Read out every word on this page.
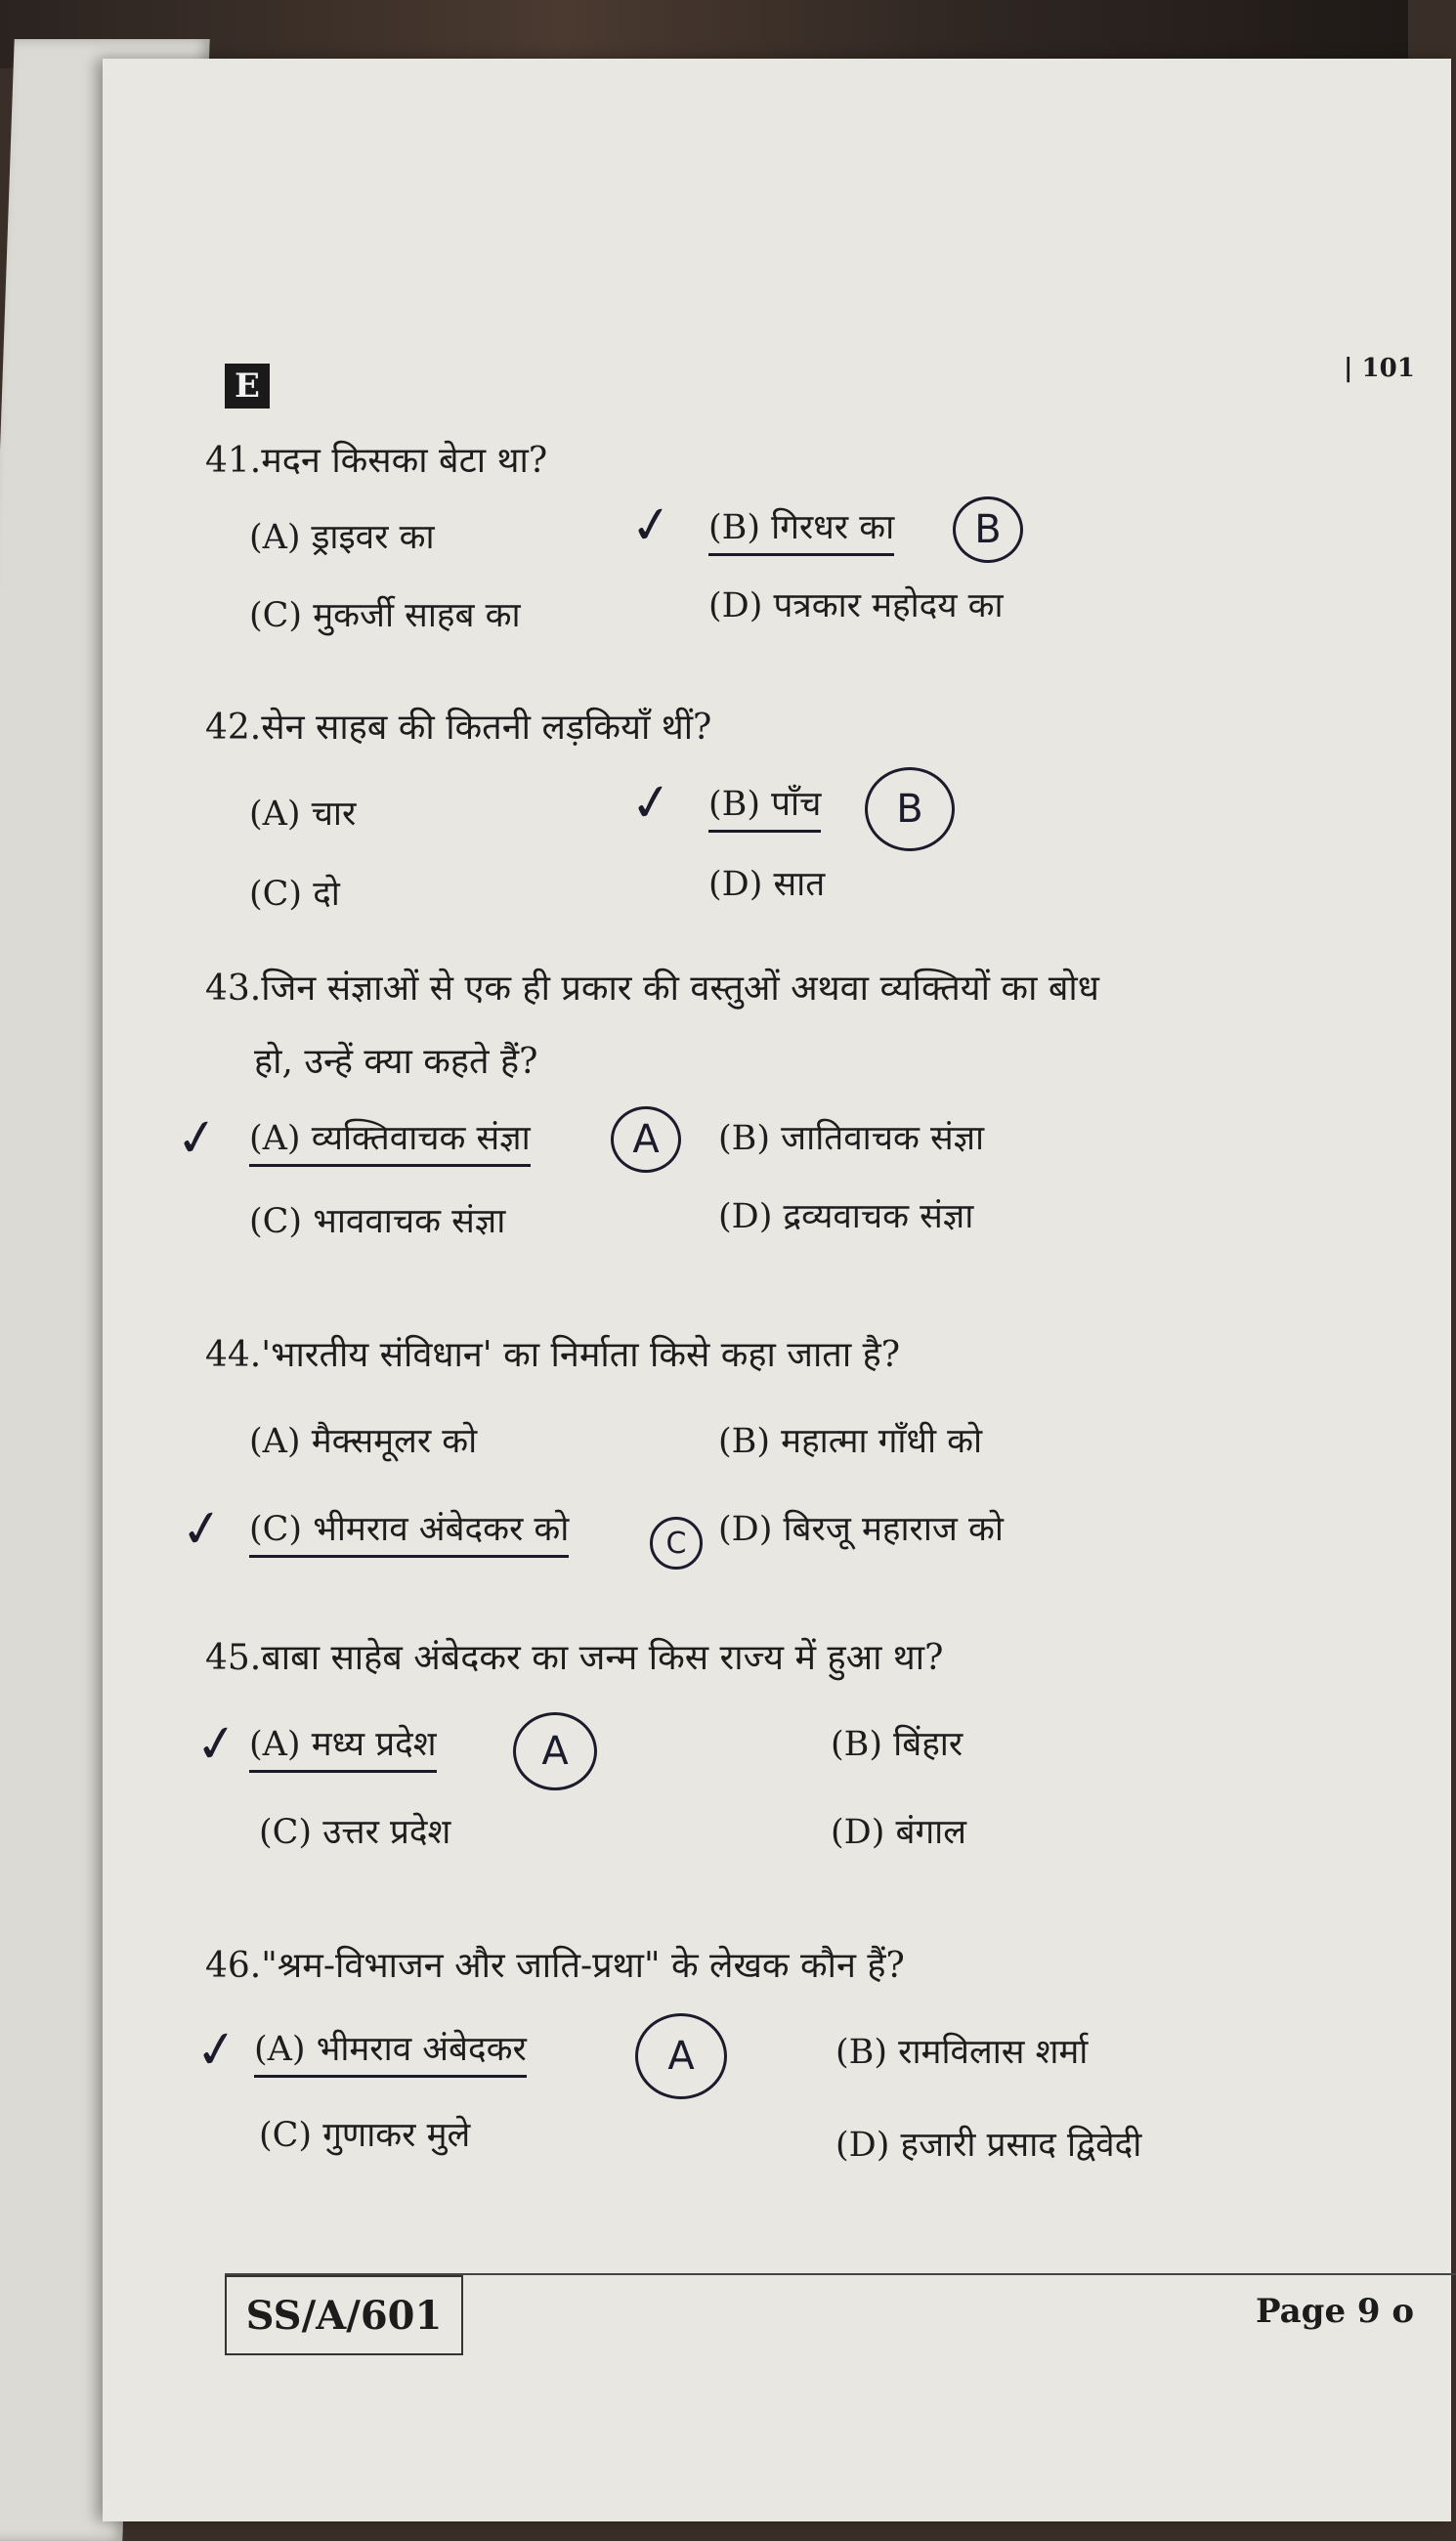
E	| 101
41.मदन किसका बेटा था?
(A) ड्राइवर का	(B) गिरधर का
(C) मुकर्जी साहब का	(D) पत्रकार महोदय का
✓	B
42.सेन साहब की कितनी लड़कियाँ थीं?
(A) चार	(B) पाँच
(C) दो	(D) सात
✓	B
43.जिन संज्ञाओं से एक ही प्रकार की वस्तुओं अथवा व्यक्तियों का बोध
हो, उन्हें क्या कहते हैं?
(A) व्यक्तिवाचक संज्ञा	(B) जातिवाचक संज्ञा
(C) भाववाचक संज्ञा	(D) द्रव्यवाचक संज्ञा
✓	A
44.'भारतीय संविधान' का निर्माता किसे कहा जाता है?
(A) मैक्समूलर को	(B) महात्मा गाँधी को
(C) भीमराव अंबेदकर को	(D) बिरजू महाराज को
✓	C
45.बाबा साहेब अंबेदकर का जन्म किस राज्य में हुआ था?
(A) मध्य प्रदेश	(B) बिंहार
(C) उत्तर प्रदेश	(D) बंगाल
✓	A
46."श्रम-विभाजन और जाति-प्रथा" के लेखक कौन हैं?
(A) भीमराव अंबेदकर	(B) रामविलास शर्मा
(C) गुणाकर मुले	(D) हजारी प्रसाद द्विवेदी
✓	A
SS/A/601	Page 9 o
